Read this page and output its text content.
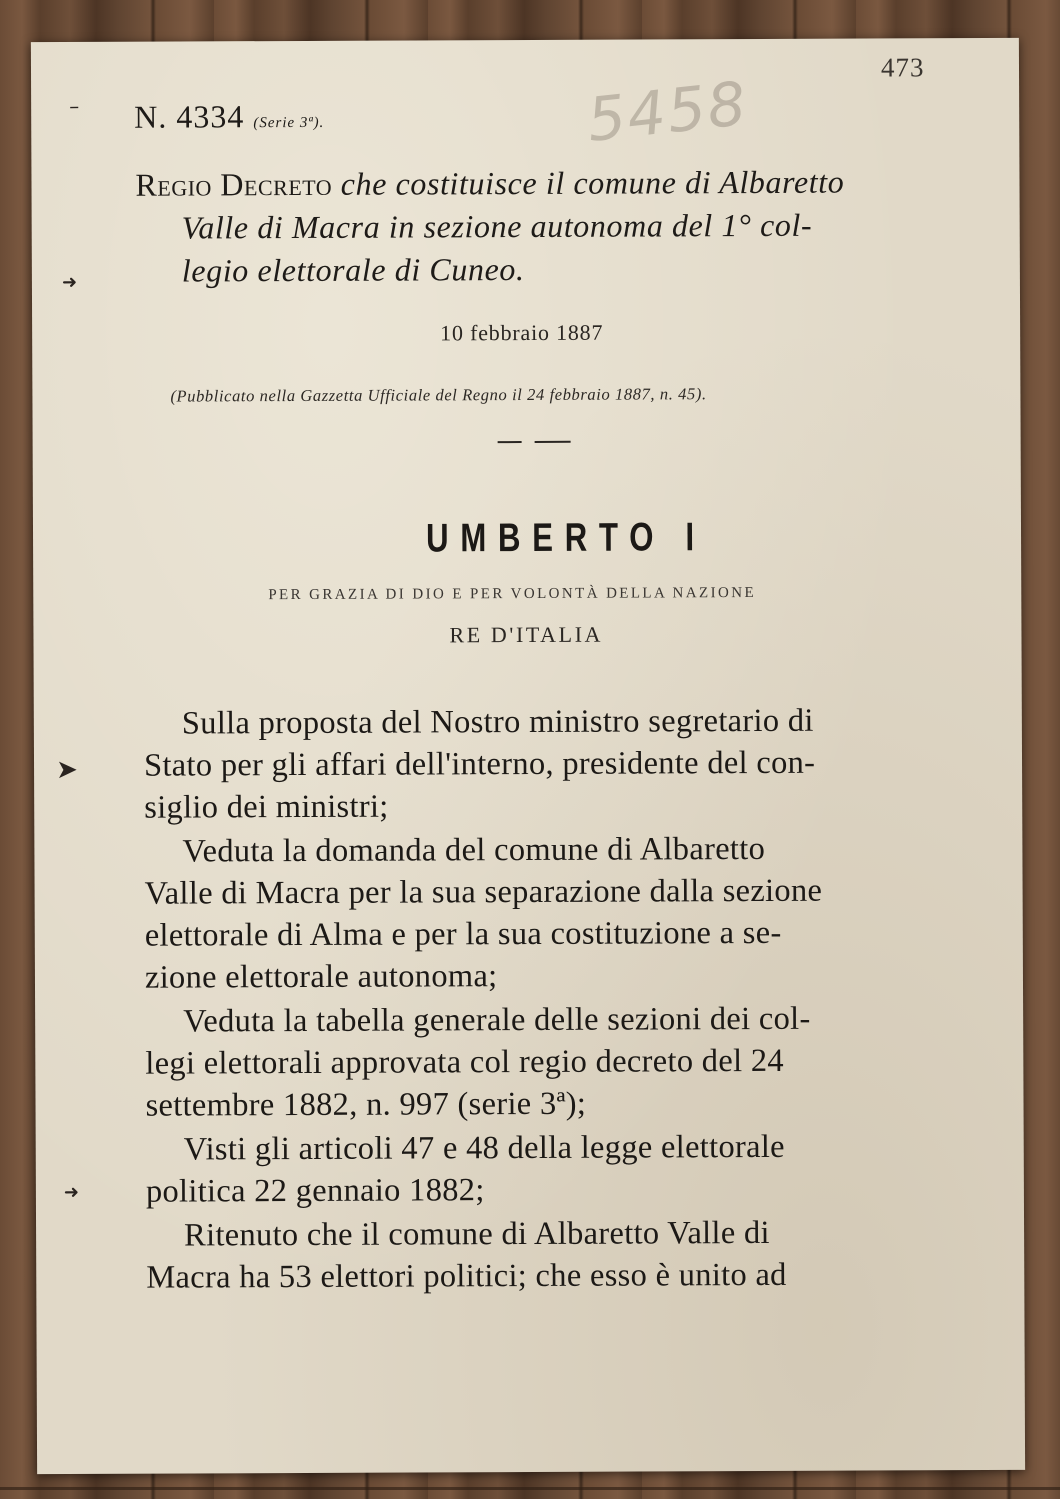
473

5458

N. 4334 (Serie 3ª).

Regio Decreto che costituisce il comune di Albaretto

Valle di Macra in sezione autonoma del 1° col-

legio elettorale di Cuneo.

10 febbraio 1887

(Pubblicato nella Gazzetta Ufficiale del Regno il 24 febbraio 1887, n. 45).

UMBERTO I

PER GRAZIA DI DIO E PER VOLONTÀ DELLA NAZIONE

RE D'ITALIA

Sulla proposta del Nostro ministro segretario di

Stato per gli affari dell'interno, presidente del con-

siglio dei ministri;

Veduta la domanda del comune di Albaretto

Valle di Macra per la sua separazione dalla sezione

elettorale di Alma e per la sua costituzione a se-

zione elettorale autonoma;

Veduta la tabella generale delle sezioni dei col-

legi elettorali approvata col regio decreto del 24

settembre 1882, n. 997 (serie 3ª);

Visti gli articoli 47 e 48 della legge elettorale

politica 22 gennaio 1882;

Ritenuto che il comune di Albaretto Valle di

Macra ha 53 elettori politici; che esso è unito ad

–
➜
➤
➜
